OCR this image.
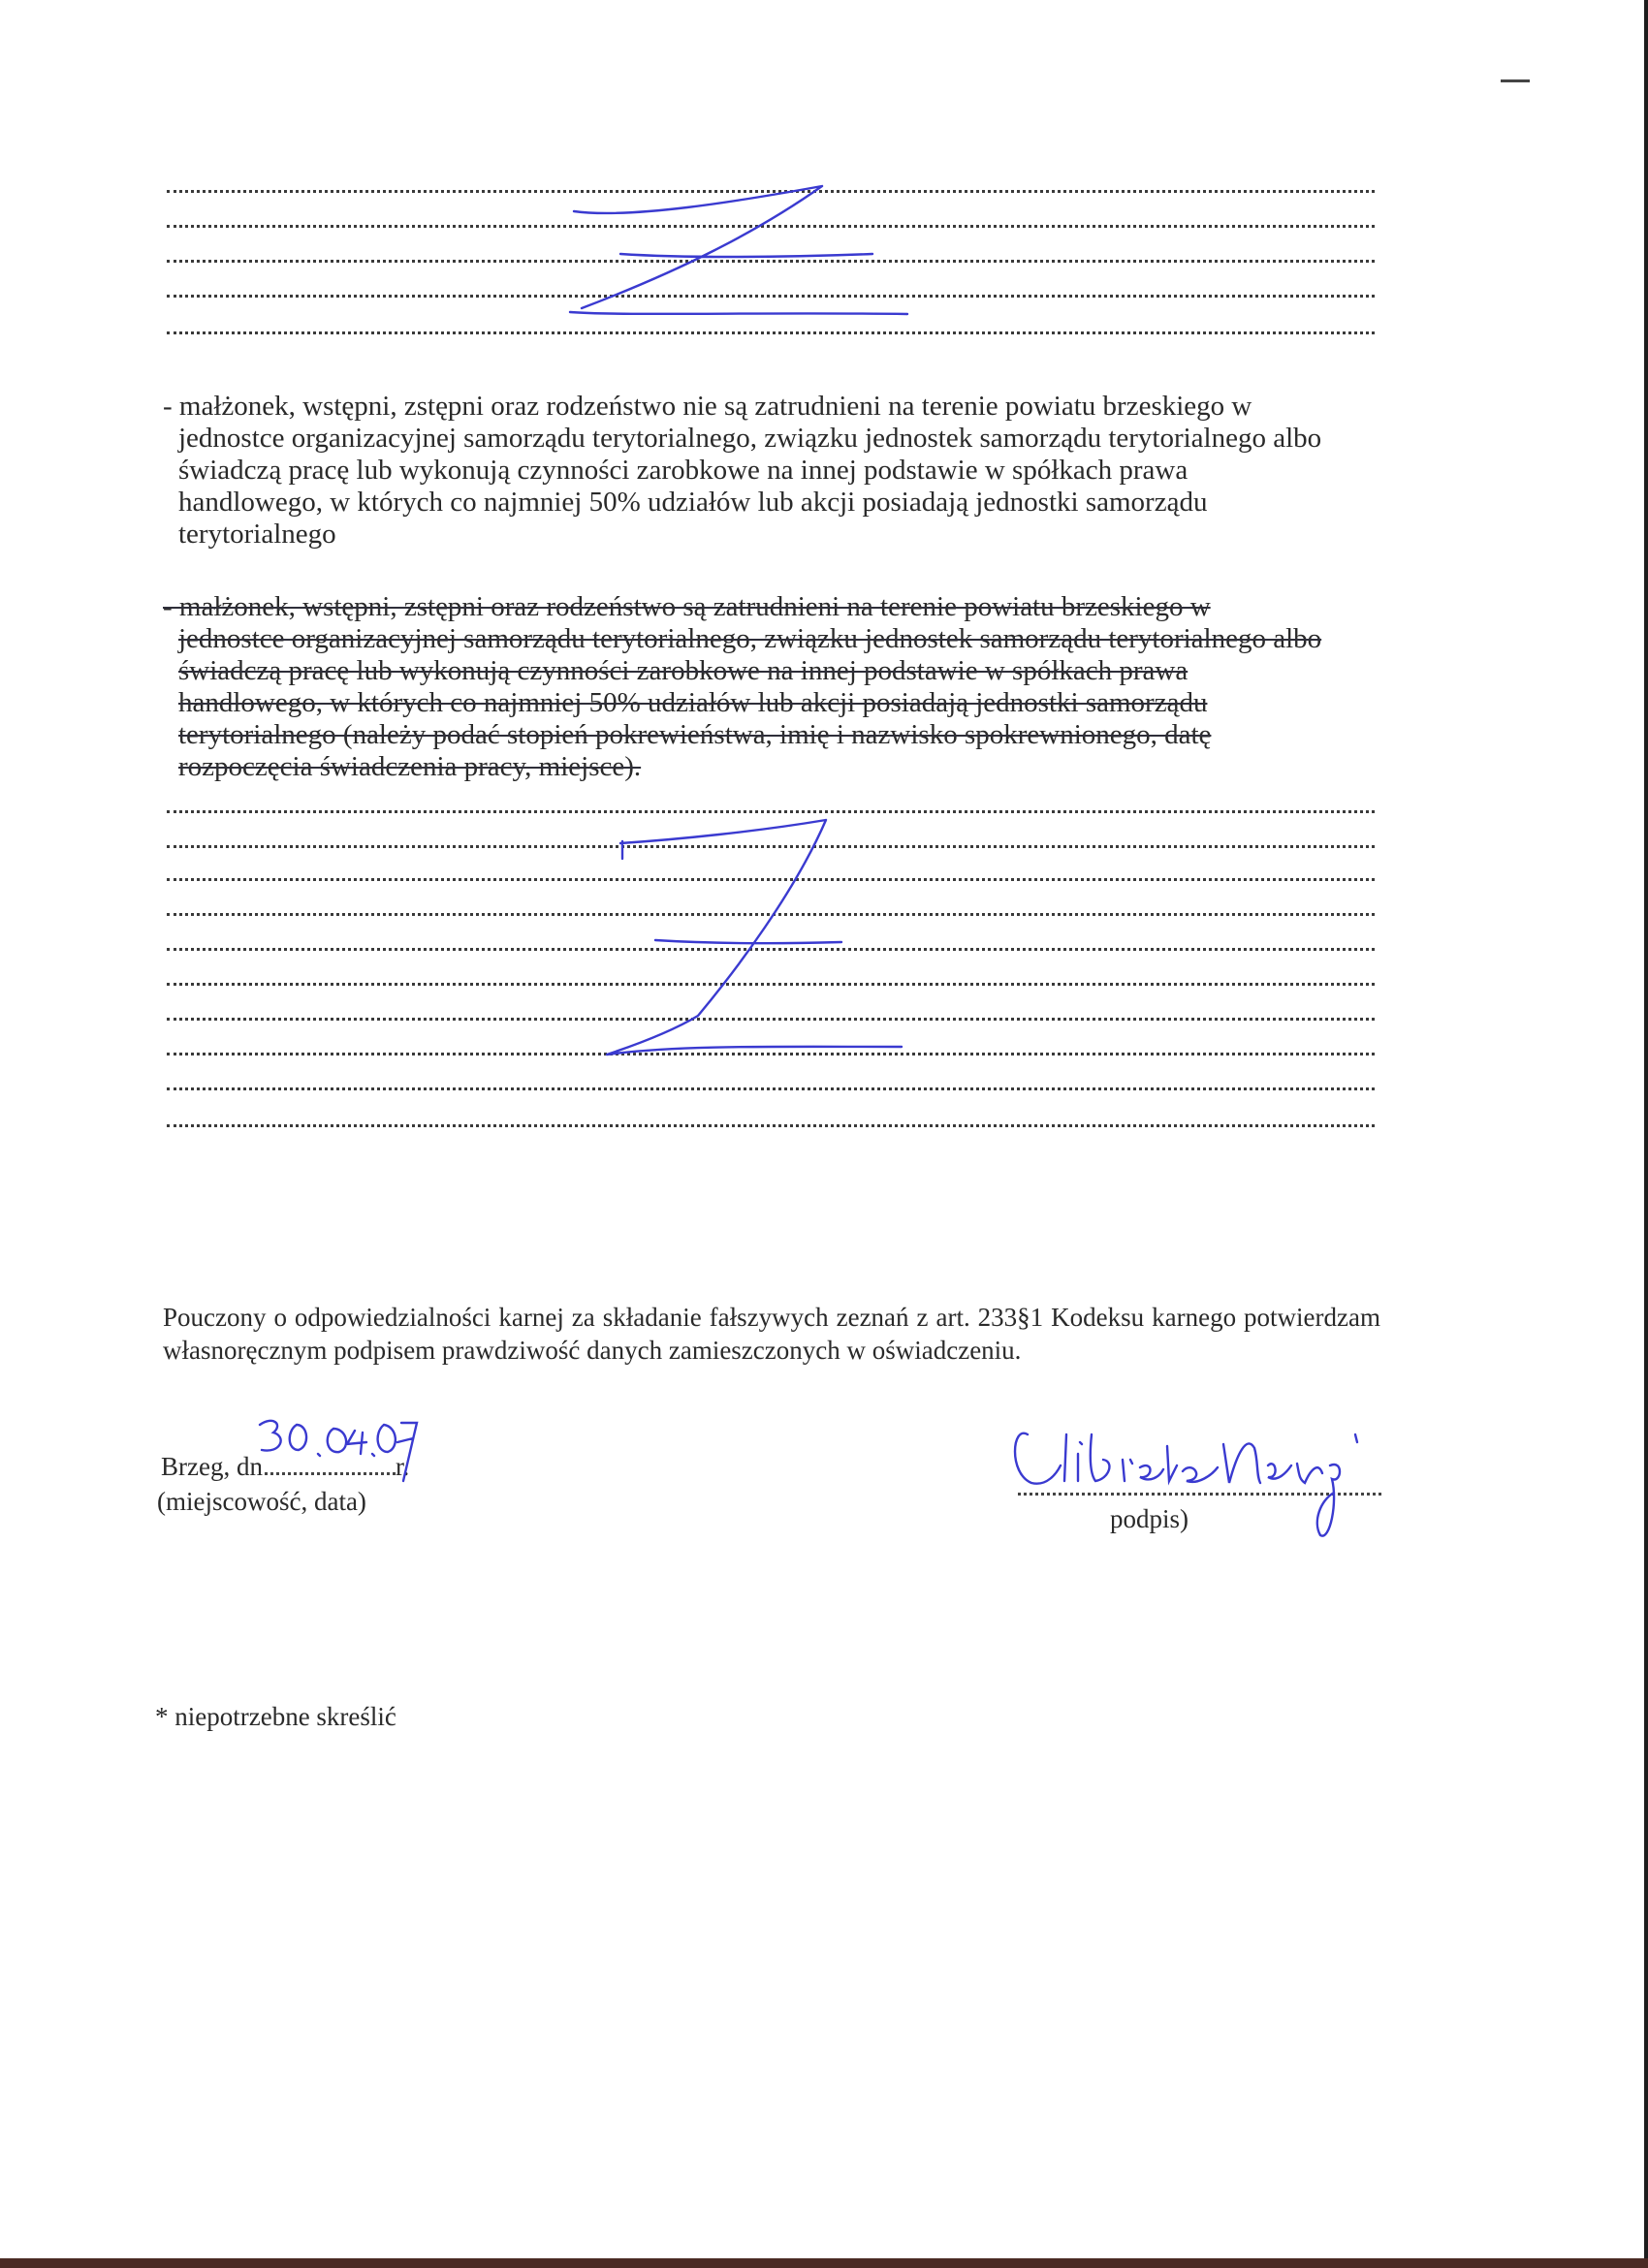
- małżonek, wstępni, zstępni oraz rodzeństwo nie są zatrudnieni na terenie powiatu brzeskiego w
jednostce organizacyjnej samorządu terytorialnego, związku jednostek samorządu terytorialnego albo
świadczą pracę lub wykonują czynności zarobkowe na innej podstawie w spółkach prawa
handlowego, w których co najmniej 50% udziałów lub akcji posiadają jednostki samorządu
terytorialnego
- małżonek, wstępni, zstępni oraz rodzeństwo są zatrudnieni na terenie powiatu brzeskiego w
jednostce organizacyjnej samorządu terytorialnego, związku jednostek samorządu terytorialnego albo
świadczą pracę lub wykonują czynności zarobkowe na innej podstawie w spółkach prawa
handlowego, w których co najmniej 50% udziałów lub akcji posiadają jednostki samorządu
terytorialnego (należy podać stopień pokrewieństwa, imię i nazwisko spokrewnionego, datę
rozpoczęcia świadczenia pracy, miejsce).
Pouczony o odpowiedzialności karnej za składanie fałszywych zeznań z art. 233§1 Kodeksu karnego potwierdzam własnoręcznym podpisem prawdziwość danych zamieszczonych w oświadczeniu.
Brzeg, dn	r.
(miejscowość, data)
podpis)
* niepotrzebne skreślić
